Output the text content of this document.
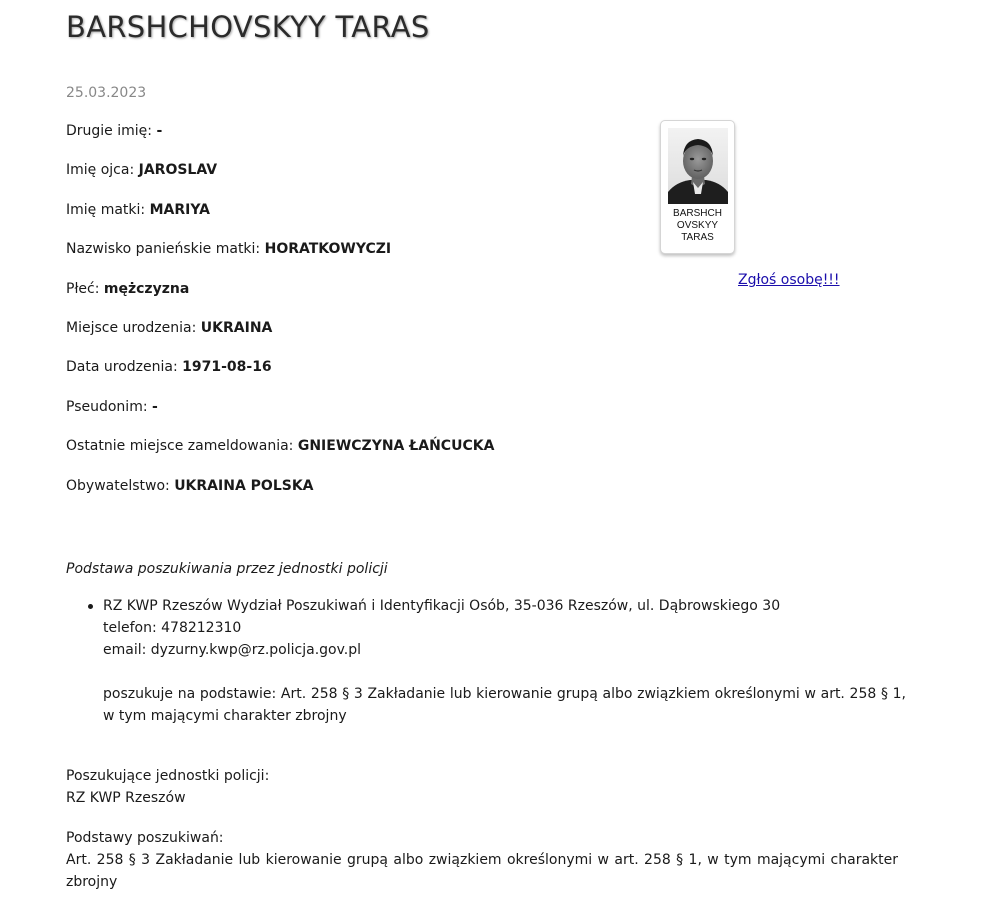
BARSHCHOVSKYY TARAS
25.03.2023
Drugie imię: -
Imię ojca: JAROSLAV
Imię matki: MARIYA
Nazwisko panieńskie matki: HORATKOWYCZI
Płeć: mężczyzna
Miejsce urodzenia: UKRAINA
Data urodzenia: 1971-08-16
Pseudonim: -
Ostatnie miejsce zameldowania: GNIEWCZYNA ŁAŃCUCKA
Obywatelstwo: UKRAINA POLSKA
BARSHCH
OVSKYY
TARAS
Zgłoś osobę!!!
Podstawa poszukiwania przez jednostki policji
RZ KWP Rzeszów Wydział Poszukiwań i Identyfikacji Osób, 35-036 Rzeszów, ul. Dąbrowskiego 30
telefon: 478212310
email: dyzurny.kwp@rz.policja.gov.pl
poszukuje na podstawie: Art. 258 § 3 Zakładanie lub kierowanie grupą albo związkiem określonymi w art. 258 § 1, w tym mającymi charakter zbrojny
Poszukujące jednostki policji:
RZ KWP Rzeszów
Podstawy poszukiwań:
Art. 258 § 3 Zakładanie lub kierowanie grupą albo związkiem określonymi w art. 258 § 1, w tym mającymi charakter zbrojny
